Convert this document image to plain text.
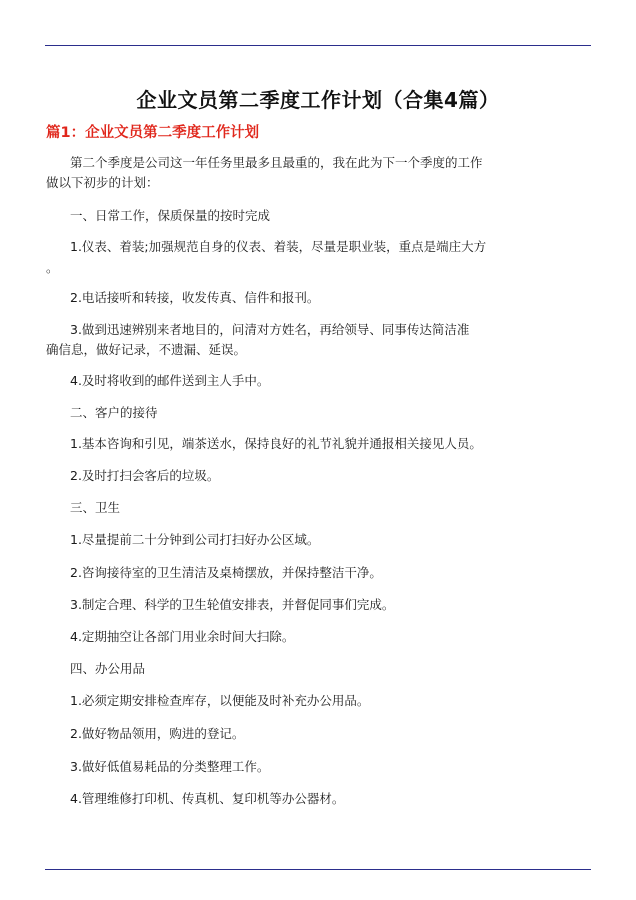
企业文员第二季度工作计划（合集4篇）
篇1：企业文员第二季度工作计划
第二个季度是公司这一年任务里最多且最重的，我在此为下一个季度的工作
做以下初步的计划：
一、日常工作，保质保量的按时完成
1.仪表、着装;加强规范自身的仪表、着装，尽量是职业装，重点是端庄大方
。
2.电话接听和转接，收发传真、信件和报刊。
3.做到迅速辨别来者地目的，问清对方姓名，再给领导、同事传达简洁准
确信息，做好记录，不遗漏、延误。
4.及时将收到的邮件送到主人手中。
二、客户的接待
1.基本咨询和引见，端茶送水，保持良好的礼节礼貌并通报相关接见人员。
2.及时打扫会客后的垃圾。
三、卫生
1.尽量提前二十分钟到公司打扫好办公区域。
2.咨询接待室的卫生清洁及桌椅摆放，并保持整洁干净。
3.制定合理、科学的卫生轮值安排表，并督促同事们完成。
4.定期抽空让各部门用业余时间大扫除。
四、办公用品
1.必须定期安排检查库存，以便能及时补充办公用品。
2.做好物品领用，购进的登记。
3.做好低值易耗品的分类整理工作。
4.管理维修打印机、传真机、复印机等办公器材。
